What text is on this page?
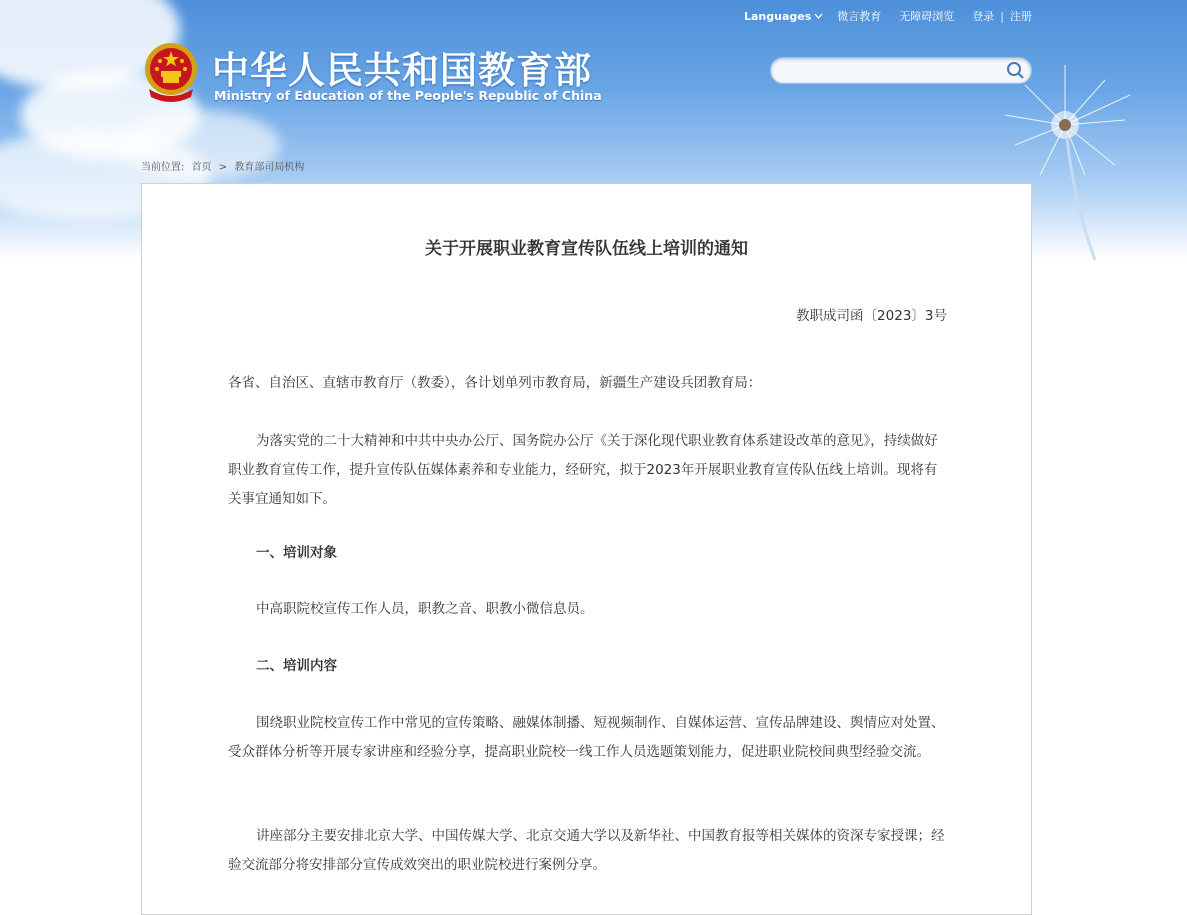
Languages 微言教育 无障碍浏览 登录 | 注册
中华人民共和国教育部
Ministry of Education of the People's Republic of China
当前位置: 首页 > 教育部司局机构
关于开展职业教育宣传队伍线上培训的通知
教职成司函〔2023〕3号
各省、自治区、直辖市教育厅（教委），各计划单列市教育局，新疆生产建设兵团教育局：
为落实党的二十大精神和中共中央办公厅、国务院办公厅《关于深化现代职业教育体系建设改革的意见》，持续做好职业教育宣传工作，提升宣传队伍媒体素养和专业能力，经研究，拟于2023年开展职业教育宣传队伍线上培训。现将有关事宜通知如下。
一、培训对象
中高职院校宣传工作人员，职教之音、职教小微信息员。
二、培训内容
围绕职业院校宣传工作中常见的宣传策略、融媒体制播、短视频制作、自媒体运营、宣传品牌建设、舆情应对处置、受众群体分析等开展专家讲座和经验分享，提高职业院校一线工作人员选题策划能力，促进职业院校间典型经验交流。
讲座部分主要安排北京大学、中国传媒大学、北京交通大学以及新华社、中国教育报等相关媒体的资深专家授课；经验交流部分将安排部分宣传成效突出的职业院校进行案例分享。
